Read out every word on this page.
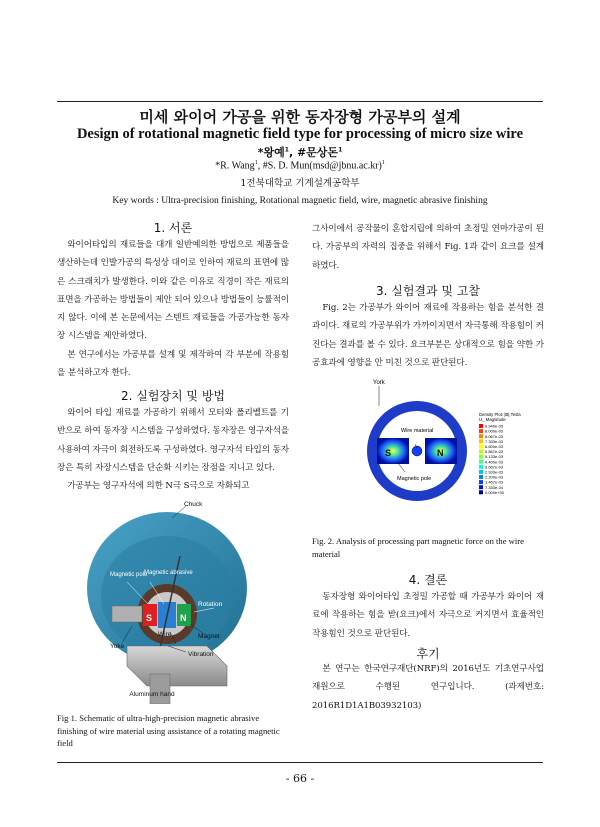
미세 와이어 가공을 위한 동자장형 가공부의 설계
Design of rotational magnetic field type for processing of micro size wire
*왕예$^1$, #문상돈$^1$
*R. Wang$^1$, #S. D. Mun(msd@jbnu.ac.kr)$^1$
1전북대학교 기계설계공학부
Key words : Ultra-precision finishing, Rotational magnetic field, wire, magnetic abrasive finishing
1. 서론

와이어타입의 재료들을 대개 일반예의한 방법으로 제품들을 생산하는데 인발가공의 특성상 대이로 인하여 재료의 표면에 많은 스크래치가 발생한다. 이와 같은 이유로 직경이 작은 재료의 표면을 가공하는 방법들이 제안 되어 있으나 방법들이 능률적이지 않다. 이에 본 논문에서는 스텐트 재료들을 가공가능한 동자장 시스템을 제안하였다.

본 연구에서는 가공부를 설계 및 제작하여 각 부분에 작용힘을 분석하고자 한다.

2. 실험장치 및 방법

와이어 타입 재료를 가공하기 위해서 모터와 폴리벨트를 기반으로 하여 동자장 시스템을 구성하였다. 동자장은 영구자석을 사용하여 자극이 회전하도록 구성하였다. 영구자석 타입의 동자장은 특히 자장시스템을 단순화 시키는 장점을 지니고 있다.

가공부는 영구자석에 의한 N극 S극으로 자화되고

Chuck
Magnetic pole
Magnetic abrasive
Rotation
S	N
Wire	Magnet
Yoke
Vibration
Aluminum hand
Fig 1. Schematic of ultra-high-precision magnetic abrasive finishing of wire material using assistance of a rotating magnetic field

그사이에서 공작물이 혼합지립에 의하여 초정밀 연마가공이 된다. 가공부의 자력의 집중을 위해서 Fig. 1과 같이 요크를 설계하였다.

3. 실험결과 및 고찰

Fig. 2는 가공부가 와이어 재료에 작용하는 힘을 분석한 결과이다. 재료의 가공부위가 가까이지면서 자극통해 작용힘이 커진다는 결과를 볼 수 있다. 요크부분은 상대적으로 힘을 약한 가공효과에 영향을 안 미친 것으로 판단된다.

York
Wire material
S	N
Magnetic pole
Density Plot: |B|,Tesla
U_ Magnitude
9.940e-03
8.000e-03
8.067e-03
7.333e-03
6.600e-03
5.867e-03
5.133e-03
4.400e-03
3.667e-03
2.933e-03
2.200e-03
1.467e-03
7.333e-04
0.000e+00
Fig. 2. Analysis of processing part magnetic force on the wire material
4. 결론

동자장형 와이어타입 초정밀 가공할 때 가공부가 와이어 재료에 작용하는 힘을 받(요크)에서 자극으로 커지면서 효율적인 작용힘인 것으로 판단된다.

후기

본 연구는 한국연구재단(NRF)의 2016년도 기초연구사업 재원으로 수행된 연구입니다. (과제번호: 2016R1D1A1B03932103)

- 66 -
